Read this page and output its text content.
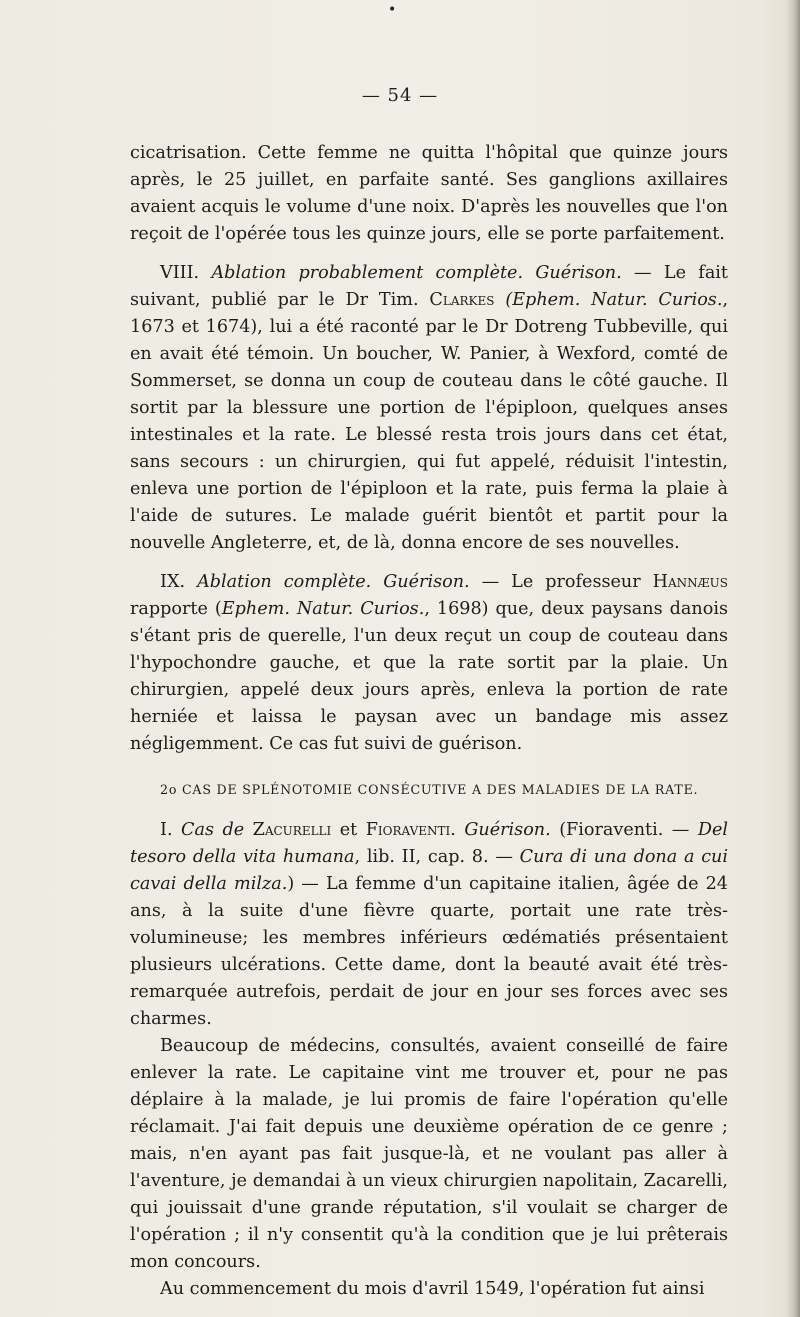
•
— 54 —

cicatrisation. Cette femme ne quitta l'hôpital que quinze jours après, le 25 juillet, en parfaite santé. Ses ganglions axillaires avaient acquis le volume d'une noix. D'après les nouvelles que l'on reçoit de l'opérée tous les quinze jours, elle se porte parfaitement.

VIII. Ablation probablement complète. Guérison. — Le fait suivant, publié par le Dr Tim. Clarkes (Ephem. Natur. Curios., 1673 et 1674), lui a été raconté par le Dr Dotreng Tubbeville, qui en avait été témoin. Un boucher, W. Panier, à Wexford, comté de Sommerset, se donna un coup de couteau dans le côté gauche. Il sortit par la blessure une portion de l'épiploon, quelques anses intestinales et la rate. Le blessé resta trois jours dans cet état, sans secours : un chirurgien, qui fut appelé, réduisit l'intestin, enleva une portion de l'épiploon et la rate, puis ferma la plaie à l'aide de sutures. Le malade guérit bientôt et partit pour la nouvelle Angleterre, et, de là, donna encore de ses nouvelles.

IX. Ablation complète. Guérison. — Le professeur Hannæus rapporte (Ephem. Natur. Curios., 1698) que, deux paysans danois s'étant pris de querelle, l'un deux reçut un coup de couteau dans l'hypochondre gauche, et que la rate sortit par la plaie. Un chirurgien, appelé deux jours après, enleva la portion de rate herniée et laissa le paysan avec un bandage mis assez négligemment. Ce cas fut suivi de guérison.

2o CAS DE SPLÉNOTOMIE CONSÉCUTIVE A DES MALADIES DE LA RATE.

I. Cas de Zacurelli et Fioraventi. Guérison. (Fioraventi. — Del tesoro della vita humana, lib. II, cap. 8. — Cura di una dona a cui cavai della milza.) — La femme d'un capitaine italien, âgée de 24 ans, à la suite d'une fièvre quarte, portait une rate très-volumineuse; les membres inférieurs œdématiés présentaient plusieurs ulcérations. Cette dame, dont la beauté avait été très-remarquée autrefois, perdait de jour en jour ses forces avec ses charmes.

Beaucoup de médecins, consultés, avaient conseillé de faire enlever la rate. Le capitaine vint me trouver et, pour ne pas déplaire à la malade, je lui promis de faire l'opération qu'elle réclamait. J'ai fait depuis une deuxième opération de ce genre ; mais, n'en ayant pas fait jusque-là, et ne voulant pas aller à l'aventure, je demandai à un vieux chirurgien napolitain, Zacarelli, qui jouissait d'une grande réputation, s'il voulait se charger de l'opération ; il n'y consentit qu'à la condition que je lui prêterais mon concours.

Au commencement du mois d'avril 1549, l'opération fut ainsi
